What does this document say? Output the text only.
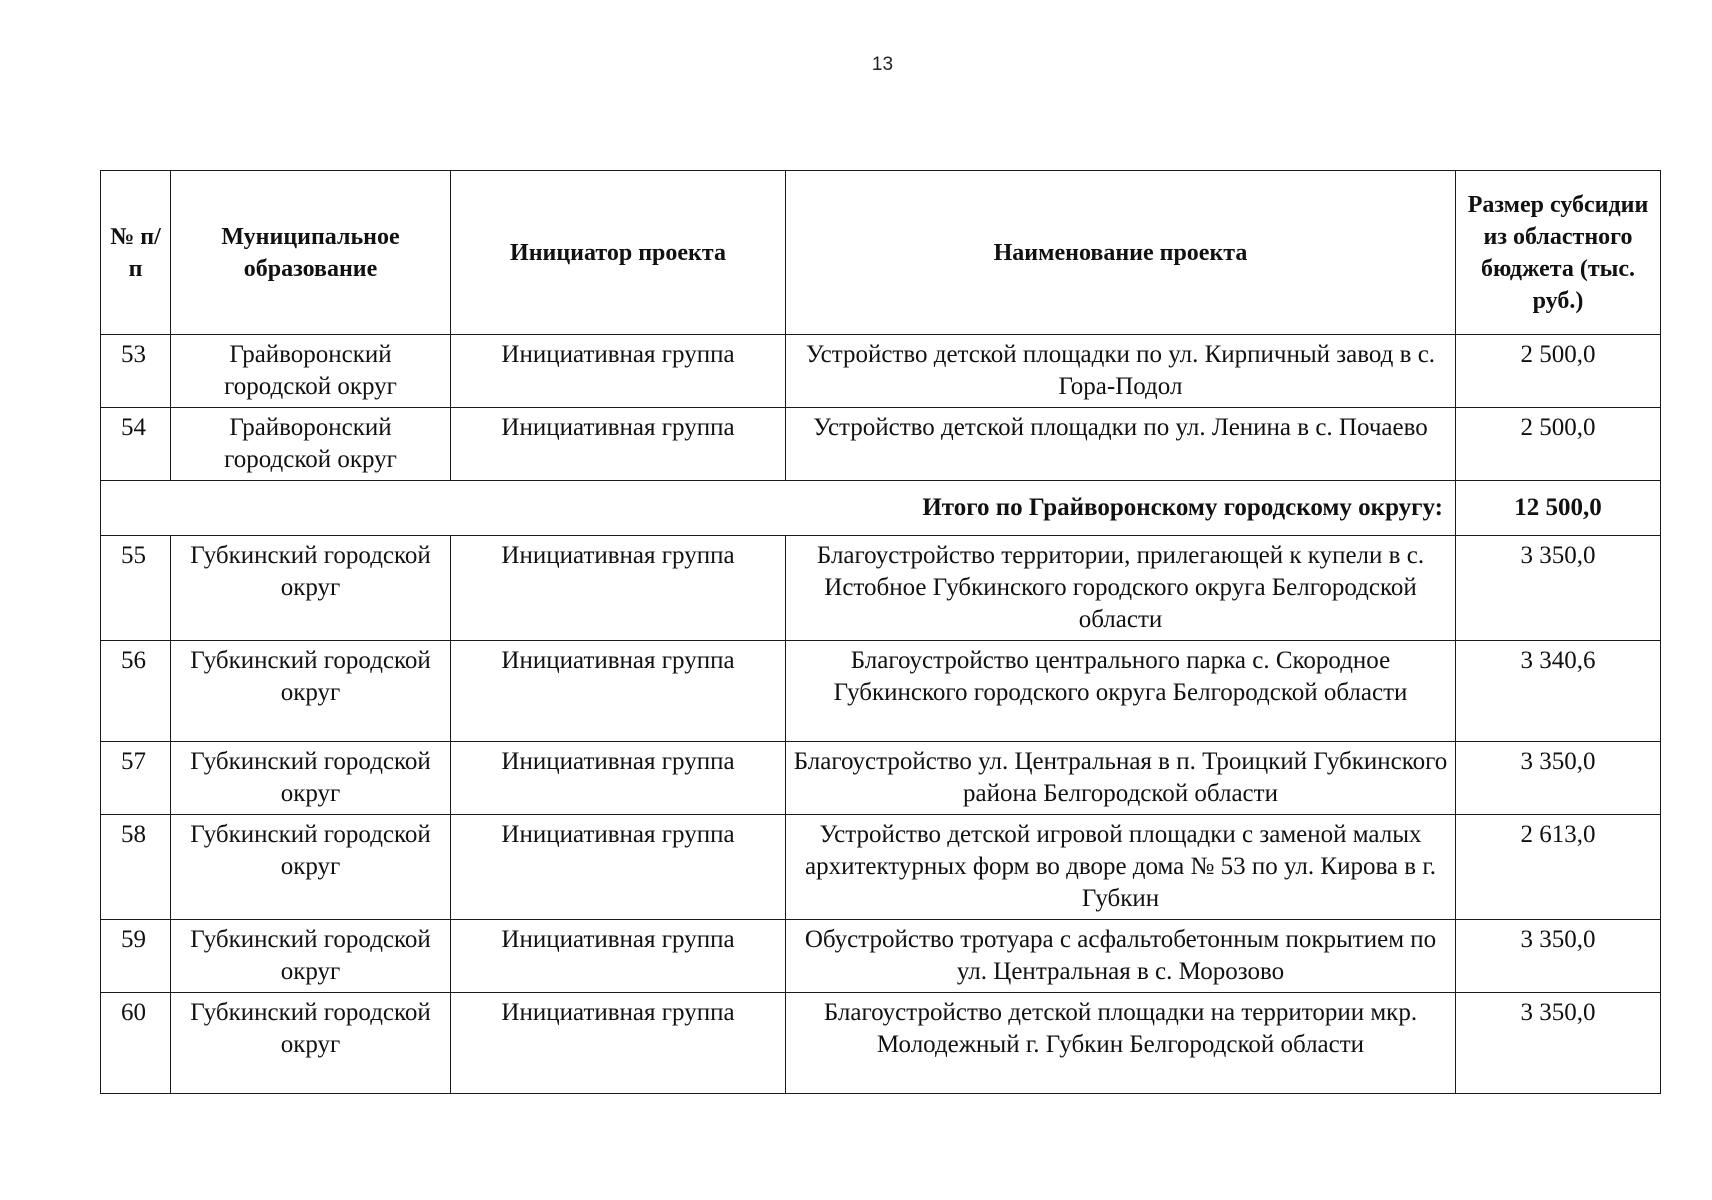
13
№ п/п	Муниципальное образование	Инициатор проекта	Наименование проекта	Размер субсидии из областного бюджета (тыс. руб.)
53	Грайворонский городской округ	Инициативная группа	Устройство детской площадки по ул. Кирпичный завод в с. Гора-Подол	2 500,0
54	Грайворонский городской округ	Инициативная группа	Устройство детской площадки по ул. Ленина в с. Почаево	2 500,0
Итого по Грайворонскому городскому округу:				12 500,0
55	Губкинский городской округ	Инициативная группа	Благоустройство территории, прилегающей к купели в с. Истобное Губкинского городского округа Белгородской области	3 350,0
56	Губкинский городской округ	Инициативная группа	Благоустройство центрального парка с. Скородное Губкинского городского округа Белгородской области	3 340,6
57	Губкинский городской округ	Инициативная группа	Благоустройство ул. Центральная в п. Троицкий Губкинского района Белгородской области	3 350,0
58	Губкинский городской округ	Инициативная группа	Устройство детской игровой площадки с заменой малых архитектурных форм во дворе дома № 53 по ул. Кирова в г. Губкин	2 613,0
59	Губкинский городской округ	Инициативная группа	Обустройство тротуара с асфальтобетонным покрытием по ул. Центральная в с. Морозово	3 350,0
60	Губкинский городской округ	Инициативная группа	Благоустройство детской площадки на территории мкр. Молодежный г. Губкин Белгородской области	3 350,0
